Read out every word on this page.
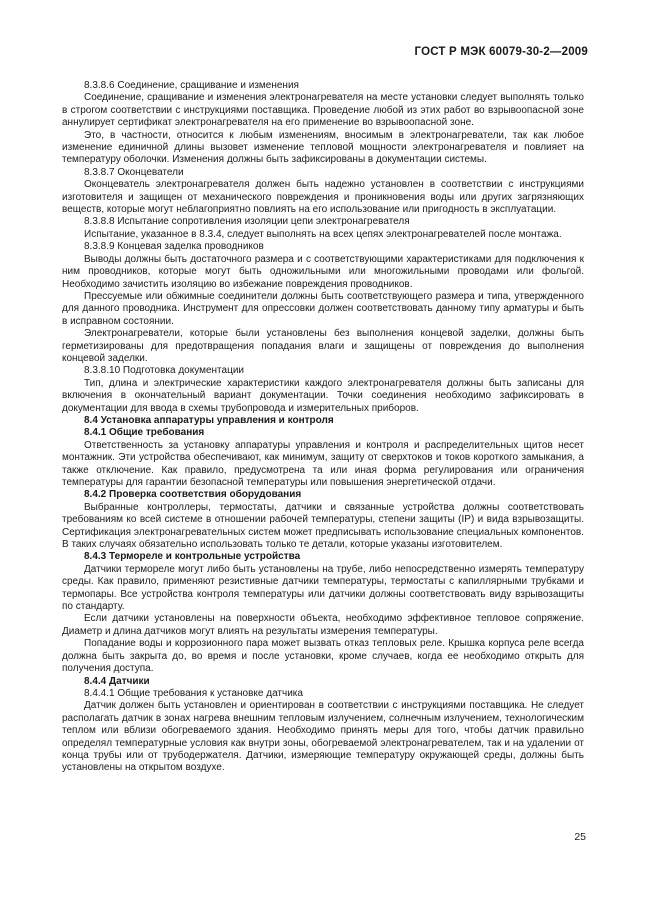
ГОСТ Р МЭК 60079-30-2—2009

8.3.8.6 Соединение, сращивание и изменения

Соединение, сращивание и изменения электронагревателя на месте установки следует выполнять только в строгом соответствии с инструкциями поставщика. Проведение любой из этих работ во взрывоопасной зоне аннулирует сертификат электронагревателя на его применение во взрывоопасной зоне.

Это, в частности, относится к любым изменениям, вносимым в электронагреватели, так как любое изменение единичной длины вызовет изменение тепловой мощности электронагревателя и повлияет на температуру оболочки. Изменения должны быть зафиксированы в документации системы.

8.3.8.7 Оконцеватели

Оконцеватель электронагревателя должен быть надежно установлен в соответствии с инструкциями изготовителя и защищен от механического повреждения и проникновения воды или других загрязняющих веществ, которые могут неблагоприятно повлиять на его использование или пригодность в эксплуатации.

8.3.8.8 Испытание сопротивления изоляции цепи электронагревателя

Испытание, указанное в 8.3.4, следует выполнять на всех цепях электронагревателей после монтажа.

8.3.8.9 Концевая заделка проводников

Выводы должны быть достаточного размера и с соответствующими характеристиками для подключения к ним проводников, которые могут быть одножильными или многожильными проводами или фольгой. Необходимо зачистить изоляцию во избежание повреждения проводников.

Прессуемые или обжимные соединители должны быть соответствующего размера и типа, утвержденного для данного проводника. Инструмент для опрессовки должен соответствовать данному типу арматуры и быть в исправном состоянии.

Электронагреватели, которые были установлены без выполнения концевой заделки, должны быть герметизированы для предотвращения попадания влаги и защищены от повреждения до выполнения концевой заделки.

8.3.8.10 Подготовка документации

Тип, длина и электрические характеристики каждого электронагревателя должны быть записаны для включения в окончательный вариант документации. Точки соединения необходимо зафиксировать в документации для ввода в схемы трубопровода и измерительных приборов.

8.4 Установка аппаратуры управления и контроля

8.4.1 Общие требования

Ответственность за установку аппаратуры управления и контроля и распределительных щитов несет монтажник. Эти устройства обеспечивают, как минимум, защиту от сверхтоков и токов короткого замыкания, а также отключение. Как правило, предусмотрена та или иная форма регулирования или ограничения температуры для гарантии безопасной температуры или повышения энергетической отдачи.

8.4.2 Проверка соответствия оборудования

Выбранные контроллеры, термостаты, датчики и связанные устройства должны соответствовать требованиям ко всей системе в отношении рабочей температуры, степени защиты (IP) и вида взрывозащиты. Сертификация электронагревательных систем может предписывать использование специальных компонентов. В таких случаях обязательно использовать только те детали, которые указаны изготовителем.

8.4.3 Термореле и контрольные устройства

Датчики термореле могут либо быть установлены на трубе, либо непосредственно измерять температуру среды. Как правило, применяют резистивные датчики температуры, термостаты с капиллярными трубками и термопары. Все устройства контроля температуры или датчики должны соответствовать виду взрывозащиты по стандарту.

Если датчики установлены на поверхности объекта, необходимо эффективное тепловое сопряжение. Диаметр и длина датчиков могут влиять на результаты измерения температуры.

Попадание воды и коррозионного пара может вызвать отказ тепловых реле. Крышка корпуса реле всегда должна быть закрыта до, во время и после установки, кроме случаев, когда ее необходимо открыть для получения доступа.

8.4.4 Датчики

8.4.4.1 Общие требования к установке датчика

Датчик должен быть установлен и ориентирован в соответствии с инструкциями поставщика. Не следует располагать датчик в зонах нагрева внешним тепловым излучением, солнечным излучением, технологическим теплом или вблизи обогреваемого здания. Необходимо принять меры для того, чтобы датчик правильно определял температурные условия как внутри зоны, обогреваемой электронагревателем, так и на удалении от конца трубы или от трубодержателя. Датчики, измеряющие температуру окружающей среды, должны быть установлены на открытом воздухе.

25
